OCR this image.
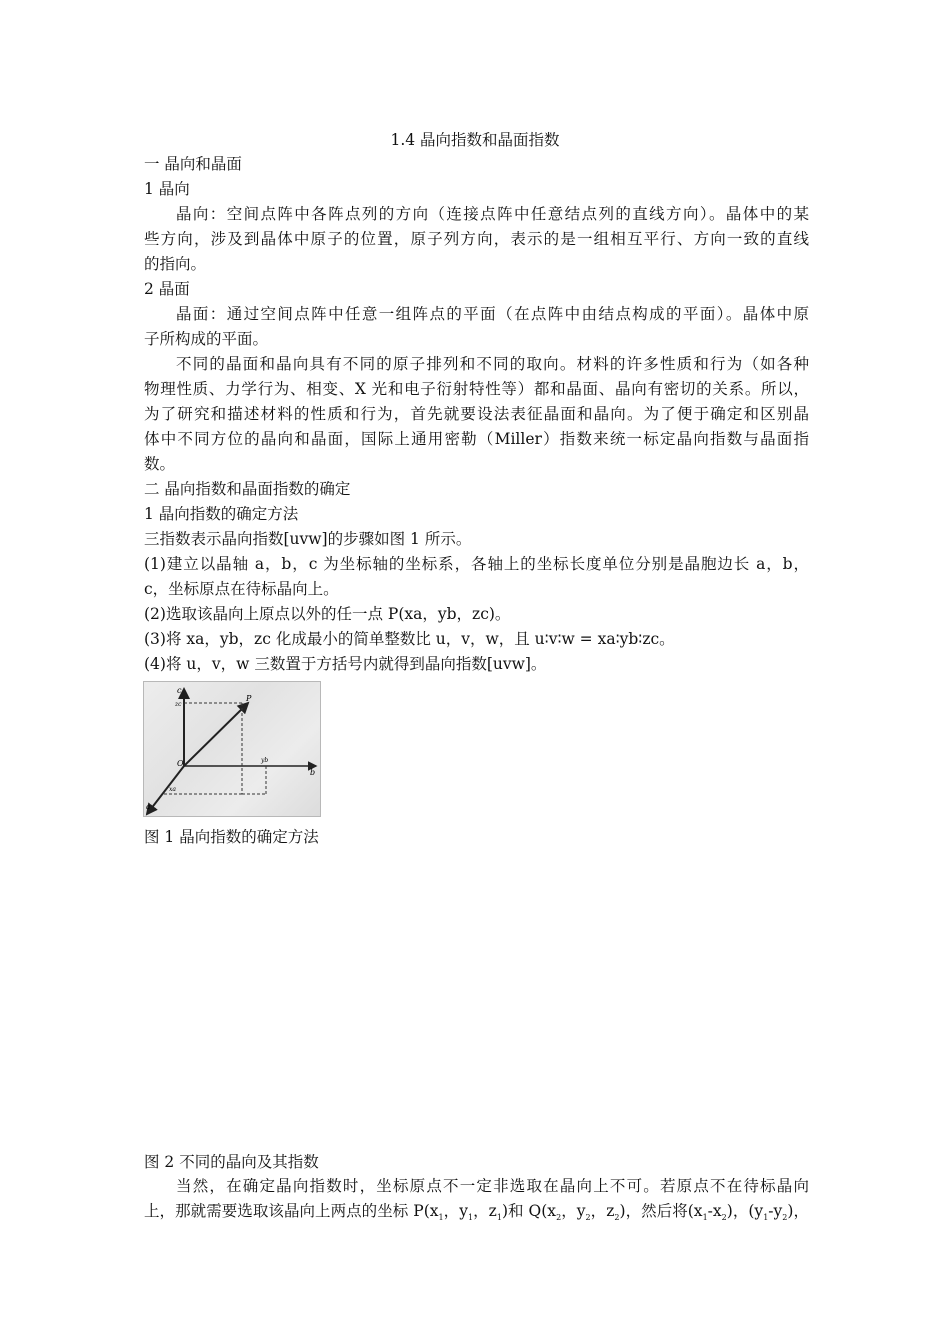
1.4 晶向指数和晶面指数
一 晶向和晶面
1 晶向
晶向：空间点阵中各阵点列的方向（连接点阵中任意结点列的直线方向）。晶体中的某
些方向，涉及到晶体中原子的位置，原子列方向，表示的是一组相互平行、方向一致的直线
的指向。
2 晶面
晶面：通过空间点阵中任意一组阵点的平面（在点阵中由结点构成的平面）。晶体中原
子所构成的平面。
不同的晶面和晶向具有不同的原子排列和不同的取向。材料的许多性质和行为（如各种
物理性质、力学行为、相变、X 光和电子衍射特性等）都和晶面、晶向有密切的关系。所以，
为了研究和描述材料的性质和行为，首先就要设法表征晶面和晶向。为了便于确定和区别晶
体中不同方位的晶向和晶面，国际上通用密勒（Miller）指数来统一标定晶向指数与晶面指
数。
二 晶向指数和晶面指数的确定
1 晶向指数的确定方法
三指数表示晶向指数[uvw]的步骤如图 1 所示。
(1)建立以晶轴 a，b，c 为坐标轴的坐标系，各轴上的坐标长度单位分别是晶胞边长 a，b，
c，坐标原点在待标晶向上。
(2)选取该晶向上原点以外的任一点 P(xa，yb，zc)。
(3)将 xa，yb，zc 化成最小的简单整数比 u，v，w，且 u∶v∶w = xa∶yb∶zc。
(4)将 u，v，w 三数置于方括号内就得到晶向指数[uvw]。
c
zc
P
O	yb
b
xa
a
图 1 晶向指数的确定方法
图 2 不同的晶向及其指数
当然，在确定晶向指数时，坐标原点不一定非选取在晶向上不可。若原点不在待标晶向
上，那就需要选取该晶向上两点的坐标 $P(x_1$，$y_1$，$z_1$)和 $Q(x_2$，$y_2$，$z_2$)，然后将$(x_1-x_2)$，$(y_1-y_2)$，
